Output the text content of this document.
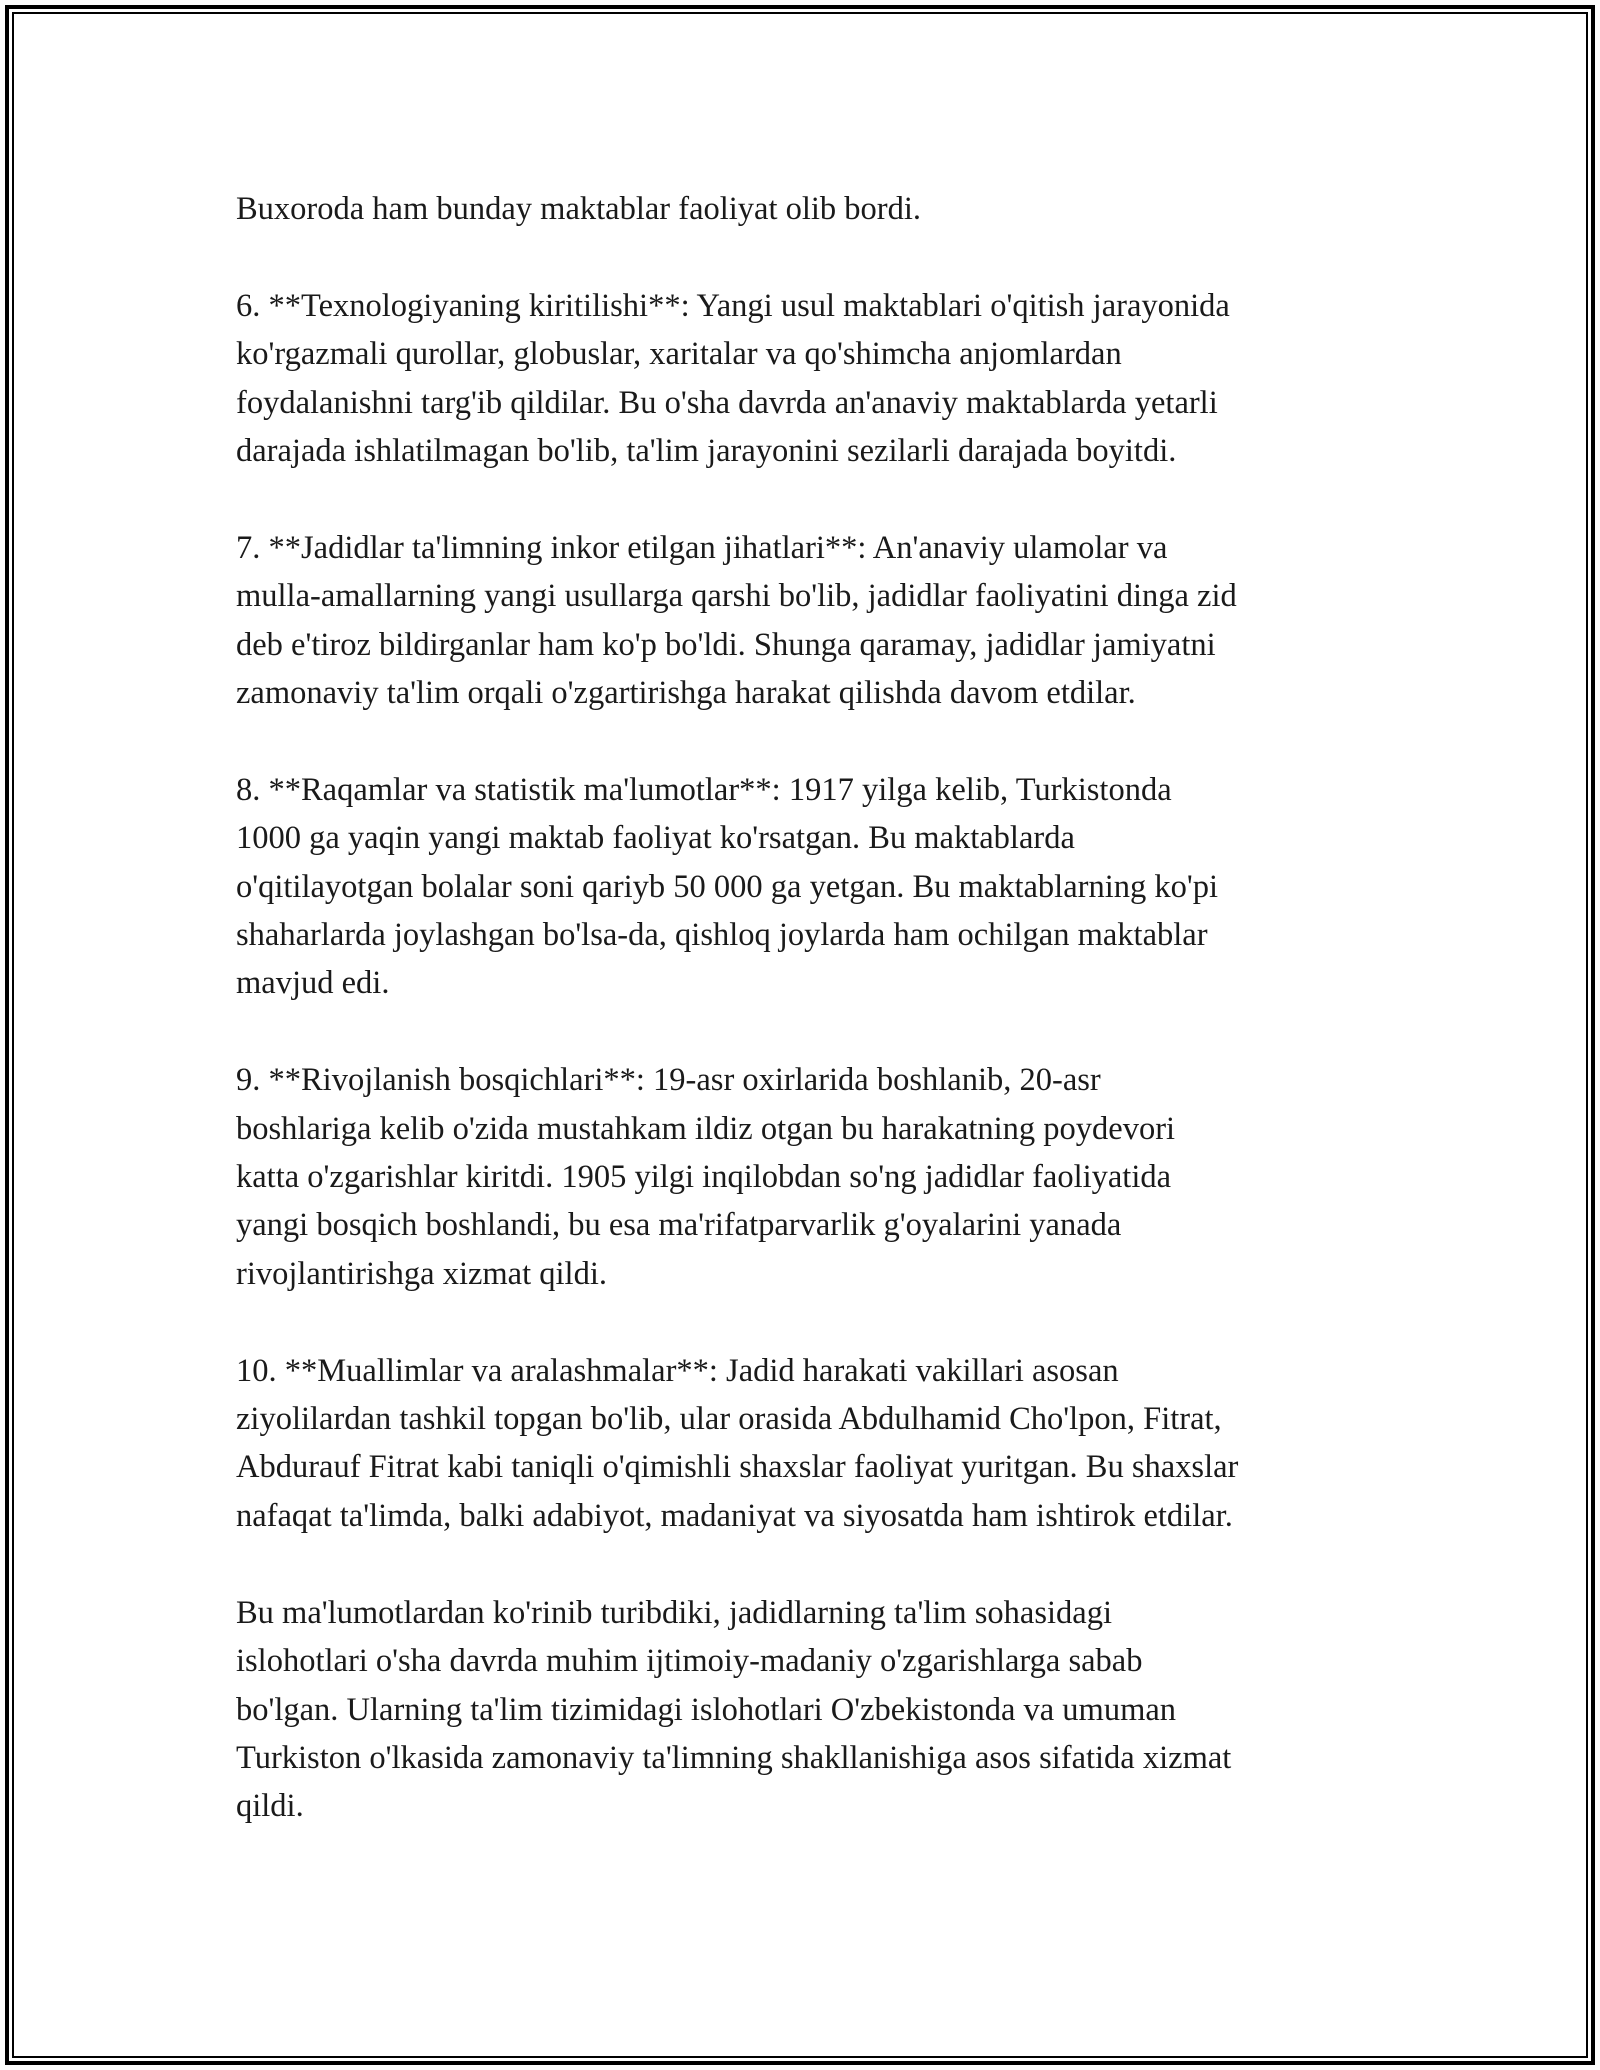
Buxoroda ham bunday maktablar faoliyat olib bordi.

6. **Texnologiyaning kiritilishi**: Yangi usul maktablari o'qitish jarayonida
ko'rgazmali qurollar, globuslar, xaritalar va qo'shimcha anjomlardan
foydalanishni targ'ib qildilar. Bu o'sha davrda an'anaviy maktablarda yetarli
darajada ishlatilmagan bo'lib, ta'lim jarayonini sezilarli darajada boyitdi.

7. **Jadidlar ta'limning inkor etilgan jihatlari**: An'anaviy ulamolar va
mulla-amallarning yangi usullarga qarshi bo'lib, jadidlar faoliyatini dinga zid
deb e'tiroz bildirganlar ham ko'p bo'ldi. Shunga qaramay, jadidlar jamiyatni
zamonaviy ta'lim orqali o'zgartirishga harakat qilishda davom etdilar.

8. **Raqamlar va statistik ma'lumotlar**: 1917 yilga kelib, Turkistonda
1000 ga yaqin yangi maktab faoliyat ko'rsatgan. Bu maktablarda
o'qitilayotgan bolalar soni qariyb 50 000 ga yetgan. Bu maktablarning ko'pi
shaharlarda joylashgan bo'lsa-da, qishloq joylarda ham ochilgan maktablar
mavjud edi.

9. **Rivojlanish bosqichlari**: 19-asr oxirlarida boshlanib, 20-asr
boshlariga kelib o'zida mustahkam ildiz otgan bu harakatning poydevori
katta o'zgarishlar kiritdi. 1905 yilgi inqilobdan so'ng jadidlar faoliyatida
yangi bosqich boshlandi, bu esa ma'rifatparvarlik g'oyalarini yanada
rivojlantirishga xizmat qildi.

10. **Muallimlar va aralashmalar**: Jadid harakati vakillari asosan
ziyolilardan tashkil topgan bo'lib, ular orasida Abdulhamid Cho'lpon, Fitrat,
Abdurauf Fitrat kabi taniqli o'qimishli shaxslar faoliyat yuritgan. Bu shaxslar
nafaqat ta'limda, balki adabiyot, madaniyat va siyosatda ham ishtirok etdilar.

Bu ma'lumotlardan ko'rinib turibdiki, jadidlarning ta'lim sohasidagi
islohotlari o'sha davrda muhim ijtimoiy-madaniy o'zgarishlarga sabab
bo'lgan. Ularning ta'lim tizimidagi islohotlari O'zbekistonda va umuman
Turkiston o'lkasida zamonaviy ta'limning shakllanishiga asos sifatida xizmat
qildi.
